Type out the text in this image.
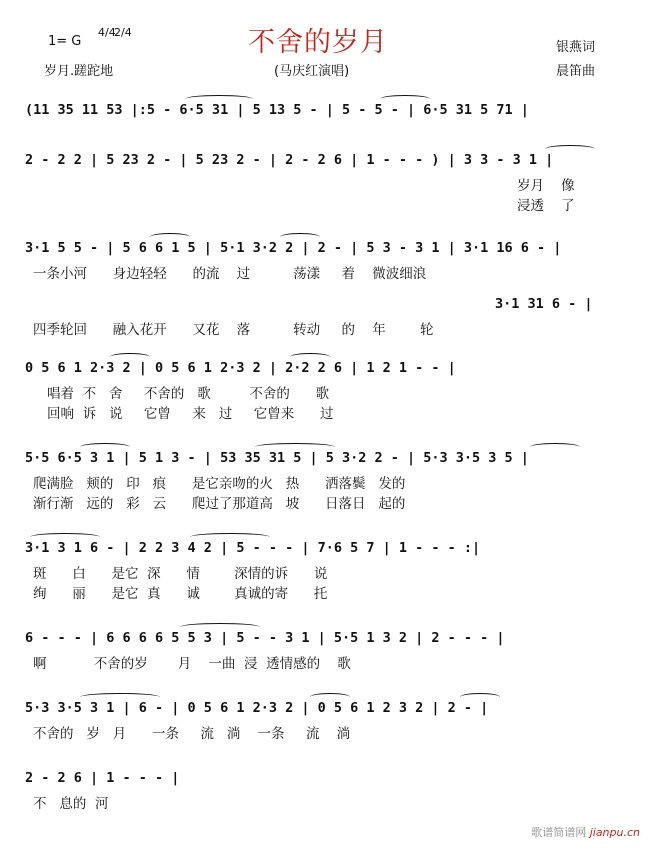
1= G
4/4
2/4	不舍的岁月	银燕词
岁月.蹉跎地	(马庆红演唱)	晨笛曲
(11 35 11 53 |:5 - 6·5 31 | 5 13 5 - | 5 - 5 - | 6·5 31 5 71 |
2 - 2 2 | 5 23 2 - | 5 23 2 - | 2 - 2 6 | 1 - - - ) | 3 3 - 3 1 |
岁月    像
浸透    了
3·1 5 5 - | 5 6 6 1 5 | 5·1 3·2 2 | 2 - | 5 3 - 3 1 | 3·1 16 6 - |
一条小河      身边轻轻      的流    过          荡漾     着    微波细浪
3·1 31 6 - |
四季轮回      融入花开      又花    落          转动     的    年        轮
0 5 6 1 2·3 2 | 0 5 6 1 2·3 2 | 2·2 2 6 | 1 2 1 - - |
唱着  不   舍     不舍的   歌         不舍的      歌
回响  诉   说     它曾     来   过     它曾来      过
5·5 6·5 3 1 | 5 1 3 - | 53 35 31 5 | 5 3·2 2 - | 5·3 3·5 3 5 |
爬满脸   颊的   印   痕      是它亲吻的火   热      洒落鬓   发的
渐行渐   远的   彩   云      爬过了那道高   坡      日落日   起的
3·1 3 1 6 - | 2 2 3 4 2 | 5 - - - | 7·6 5 7 | 1 - - - :|
斑      白      是它  深      情        深情的诉      说
绚      丽      是它  真      诚        真诚的寄      托
6 - - - | 6 6 6 6 5 5 3 | 5 - - 3 1 | 5·5 1 3 2 | 2 - - - |
啊           不舍的岁       月    一曲  浸  透情感的    歌
5·3 3·5 3 1 | 6 - | 0 5 6 1 2·3 2 | 0 5 6 1 2 3 2 | 2 - |
不舍的   岁   月      一条     流   淌    一条     流    淌
2 - 2 6 | 1 - - - |
不   息的  河
歌谱简谱网 jianpu.cn
